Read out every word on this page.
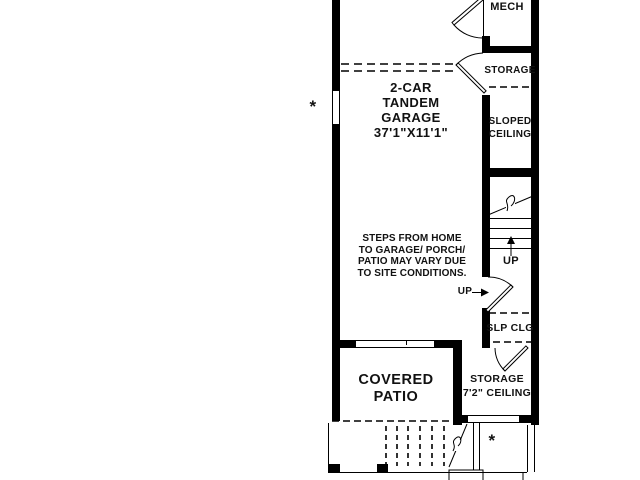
MECH
STORAGE
2-CAR
TANDEM
GARAGE
37'1"X11'1"
SLOPED
CEILING
STEPS FROM HOME
TO GARAGE/ PORCH/
PATIO MAY VARY DUE
TO SITE CONDITIONS.
UP
UP
SLP CLG
COVERED
PATIO
STORAGE
7'2" CEILING
*
*
